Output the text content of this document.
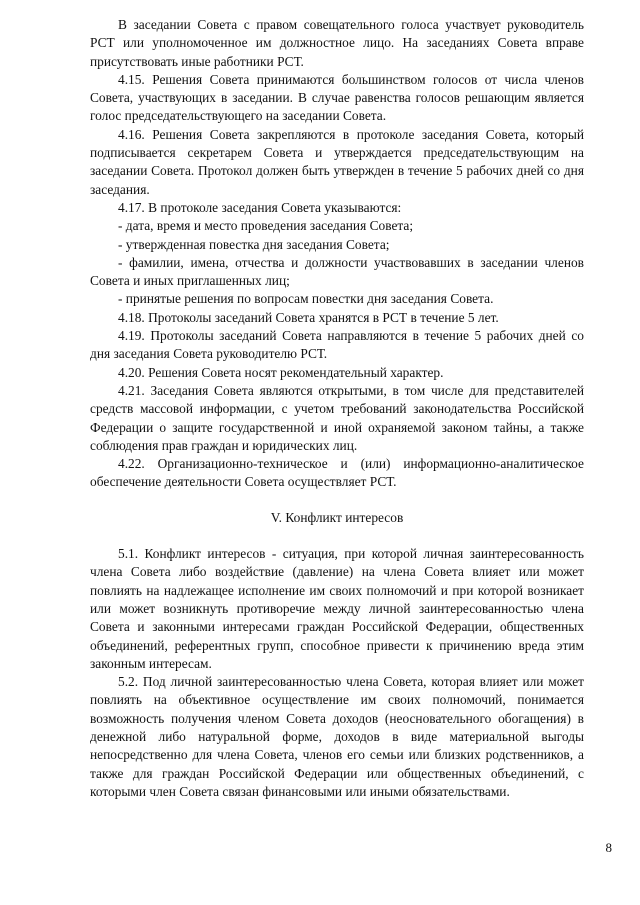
В заседании Совета с правом совещательного голоса участвует руководитель РСТ или уполномоченное им должностное лицо. На заседаниях Совета вправе присутствовать иные работники РСТ.

4.15. Решения Совета принимаются большинством голосов от числа членов Совета, участвующих в заседании. В случае равенства голосов решающим является голос председательствующего на заседании Совета.

4.16. Решения Совета закрепляются в протоколе заседания Совета, который подписывается секретарем Совета и утверждается председательствующим на заседании Совета. Протокол должен быть утвержден в течение 5 рабочих дней со дня заседания.

4.17. В протоколе заседания Совета указываются:

- дата, время и место проведения заседания Совета;

- утвержденная повестка дня заседания Совета;

- фамилии, имена, отчества и должности участвовавших в заседании членов Совета и иных приглашенных лиц;

- принятые решения по вопросам повестки дня заседания Совета.

4.18. Протоколы заседаний Совета хранятся в РСТ в течение 5 лет.

4.19. Протоколы заседаний Совета направляются в течение 5 рабочих дней со дня заседания Совета руководителю РСТ.

4.20. Решения Совета носят рекомендательный характер.

4.21. Заседания Совета являются открытыми, в том числе для представителей средств массовой информации, с учетом требований законодательства Российской Федерации о защите государственной и иной охраняемой законом тайны, а также соблюдения прав граждан и юридических лиц.

4.22. Организационно-техническое и (или) информационно-аналитическое обеспечение деятельности Совета осуществляет РСТ.

V. Конфликт интересов

5.1. Конфликт интересов - ситуация, при которой личная заинтересованность члена Совета либо воздействие (давление) на члена Совета влияет или может повлиять на надлежащее исполнение им своих полномочий и при которой возникает или может возникнуть противоречие между личной заинтересованностью члена Совета и законными интересами граждан Российской Федерации, общественных объединений, референтных групп, способное привести к причинению вреда этим законным интересам.

5.2. Под личной заинтересованностью члена Совета, которая влияет или может повлиять на объективное осуществление им своих полномочий, понимается возможность получения членом Совета доходов (неосновательного обогащения) в денежной либо натуральной форме, доходов в виде материальной выгоды непосредственно для члена Совета, членов его семьи или близких родственников, а также для граждан Российской Федерации или общественных объединений, с которыми член Совета связан финансовыми или иными обязательствами.

8
